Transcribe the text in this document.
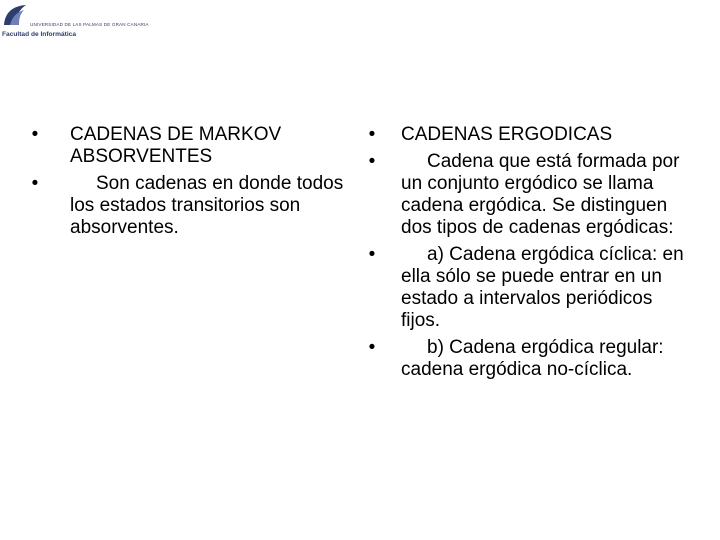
UNIVERSIDAD DE LAS PALMAS DE GRAN CANARIA
Facultad de Informática
• CADENAS DE MARKOV ABSORVENTES
•	Son cadenas en donde todos los estados transitorios son absorventes.
• CADENAS ERGODICAS
•	Cadena que está formada por un conjunto ergódico se llama cadena ergódica. Se distinguen dos tipos de cadenas ergódicas:
•	a) Cadena ergódica cíclica: en ella sólo se puede entrar en un estado a intervalos periódicos fijos.
•	b) Cadena ergódica regular: cadena ergódica no‑cíclica.
